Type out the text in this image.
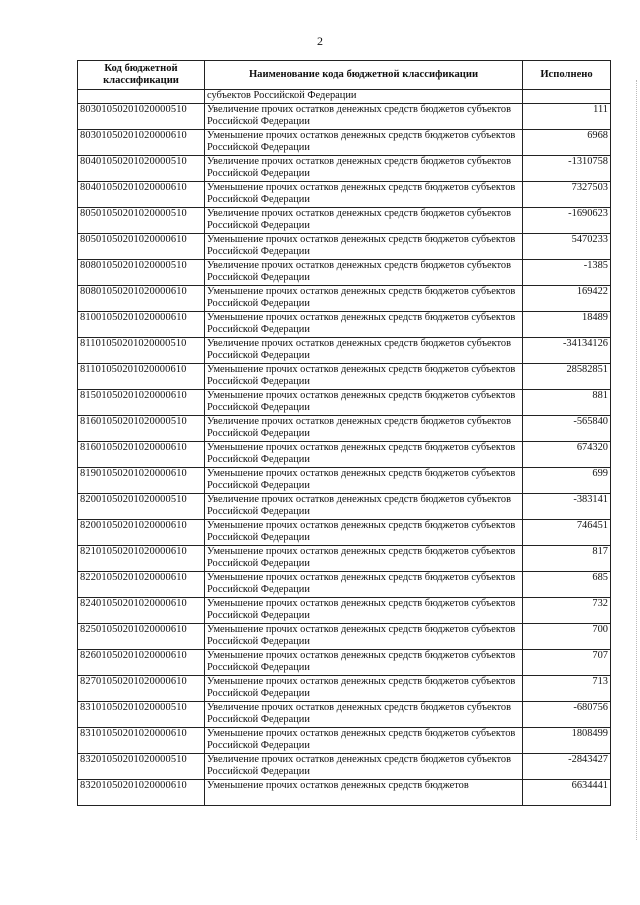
2
Код бюджетной классификации	Наименование кода бюджетной классификации	Исполнено
	субъектов Российской Федерации	
80301050201020000510	Увеличение прочих остатков денежных средств бюджетов субъектов Российской Федерации	111
80301050201020000610	Уменьшение прочих остатков денежных средств бюджетов субъектов Российской Федерации	6968
80401050201020000510	Увеличение прочих остатков денежных средств бюджетов субъектов Российской Федерации	-1310758
80401050201020000610	Уменьшение прочих остатков денежных средств бюджетов субъектов Российской Федерации	7327503
80501050201020000510	Увеличение прочих остатков денежных средств бюджетов субъектов Российской Федерации	-1690623
80501050201020000610	Уменьшение прочих остатков денежных средств бюджетов субъектов Российской Федерации	5470233
80801050201020000510	Увеличение прочих остатков денежных средств бюджетов субъектов Российской Федерации	-1385
80801050201020000610	Уменьшение прочих остатков денежных средств бюджетов субъектов Российской Федерации	169422
81001050201020000610	Уменьшение прочих остатков денежных средств бюджетов субъектов Российской Федерации	18489
81101050201020000510	Увеличение прочих остатков денежных средств бюджетов субъектов Российской Федерации	-34134126
81101050201020000610	Уменьшение прочих остатков денежных средств бюджетов субъектов Российской Федерации	28582851
81501050201020000610	Уменьшение прочих остатков денежных средств бюджетов субъектов Российской Федерации	881
81601050201020000510	Увеличение прочих остатков денежных средств бюджетов субъектов Российской Федерации	-565840
81601050201020000610	Уменьшение прочих остатков денежных средств бюджетов субъектов Российской Федерации	674320
81901050201020000610	Уменьшение прочих остатков денежных средств бюджетов субъектов Российской Федерации	699
82001050201020000510	Увеличение прочих остатков денежных средств бюджетов субъектов Российской Федерации	-383141
82001050201020000610	Уменьшение прочих остатков денежных средств бюджетов субъектов Российской Федерации	746451
82101050201020000610	Уменьшение прочих остатков денежных средств бюджетов субъектов Российской Федерации	817
82201050201020000610	Уменьшение прочих остатков денежных средств бюджетов субъектов Российской Федерации	685
82401050201020000610	Уменьшение прочих остатков денежных средств бюджетов субъектов Российской Федерации	732
82501050201020000610	Уменьшение прочих остатков денежных средств бюджетов субъектов Российской Федерации	700
82601050201020000610	Уменьшение прочих остатков денежных средств бюджетов субъектов Российской Федерации	707
82701050201020000610	Уменьшение прочих остатков денежных средств бюджетов субъектов Российской Федерации	713
83101050201020000510	Увеличение прочих остатков денежных средств бюджетов субъектов Российской Федерации	-680756
83101050201020000610	Уменьшение прочих остатков денежных средств бюджетов субъектов Российской Федерации	1808499
83201050201020000510	Увеличение прочих остатков денежных средств бюджетов субъектов Российской Федерации	-2843427
83201050201020000610	Уменьшение прочих остатков денежных средств бюджетов	6634441
